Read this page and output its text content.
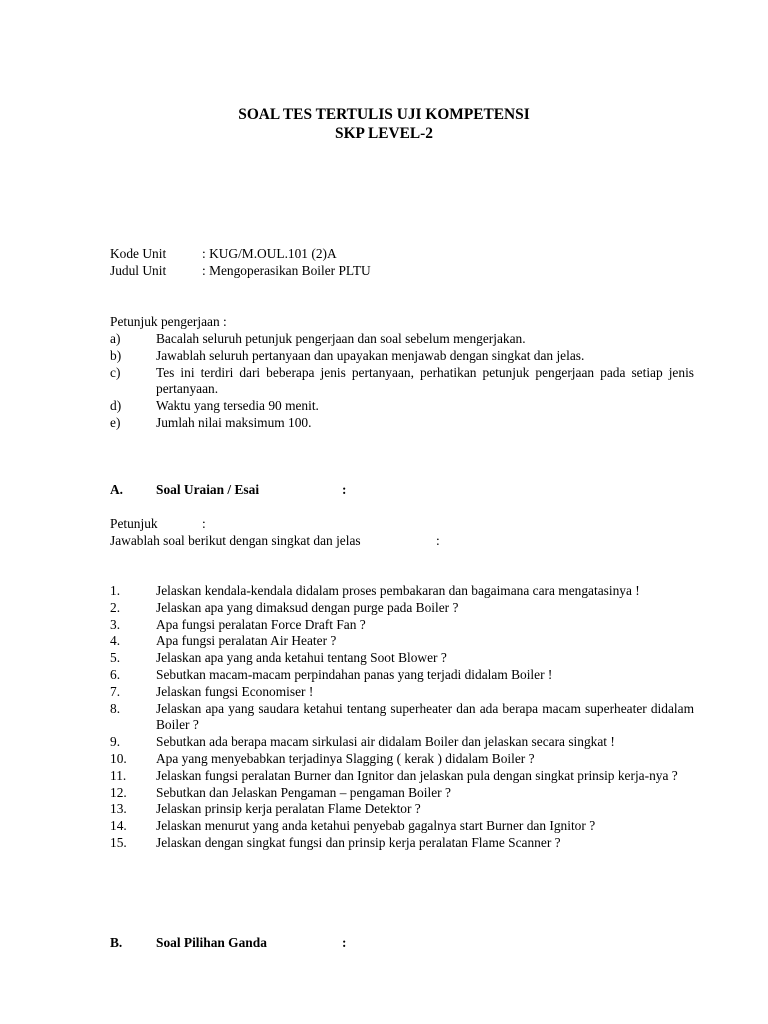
SOAL TES TERTULIS UJI KOMPETENSI
SKP LEVEL-2
Kode Unit	: KUG/M.OUL.101 (2)A
Judul Unit	: Mengoperasikan Boiler PLTU
Petunjuk pengerjaan :
a)	Bacalah seluruh petunjuk pengerjaan dan soal sebelum mengerjakan.
b)	Jawablah seluruh pertanyaan dan upayakan menjawab dengan singkat dan jelas.
c)	Tes ini terdiri dari beberapa jenis pertanyaan, perhatikan petunjuk pengerjaan pada setiap jenis pertanyaan.
d)	Waktu yang tersedia 90 menit.
e)	Jumlah nilai maksimum 100.
A. Soal Uraian / Esai	:
Petunjuk	:
Jawablah soal berikut dengan singkat dan jelas	:
1.	Jelaskan kendala-kendala didalam proses pembakaran dan bagaimana cara mengatasinya !
2.	Jelaskan apa yang dimaksud dengan purge pada Boiler ?
3.	Apa fungsi peralatan Force Draft Fan ?
4.	Apa fungsi peralatan Air Heater ?
5.	Jelaskan apa yang anda ketahui tentang Soot Blower ?
6.	Sebutkan macam-macam perpindahan panas yang terjadi didalam Boiler !
7.	Jelaskan fungsi Economiser !
8.	Jelaskan apa yang saudara ketahui tentang superheater dan ada berapa macam superheater didalam Boiler ?
9.	Sebutkan ada berapa macam sirkulasi air didalam Boiler dan jelaskan secara singkat !
10.	Apa yang menyebabkan terjadinya Slagging ( kerak ) didalam Boiler ?
11.	Jelaskan fungsi peralatan Burner dan Ignitor dan jelaskan pula dengan singkat prinsip kerja-nya ?
12.	Sebutkan dan Jelaskan Pengaman – pengaman Boiler ?
13.	Jelaskan prinsip kerja peralatan Flame Detektor ?
14.	Jelaskan menurut yang anda ketahui penyebab gagalnya start Burner dan Ignitor ?
15.	Jelaskan dengan singkat fungsi dan prinsip kerja peralatan Flame Scanner ?
B.	Soal Pilihan Ganda	:
